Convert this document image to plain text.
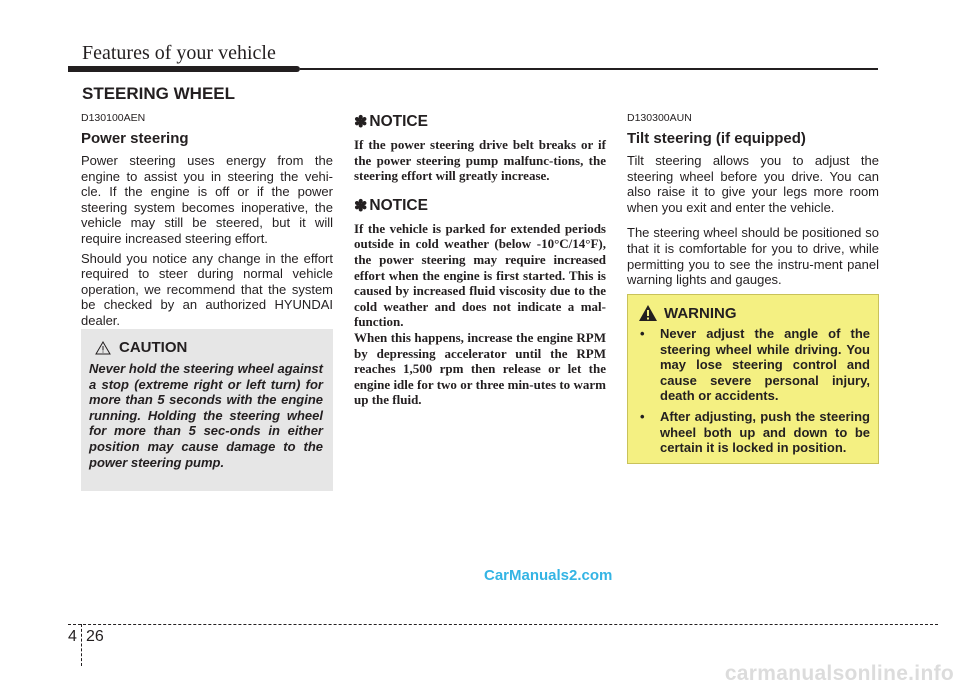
Features of your vehicle
STEERING WHEEL

D130100AEN

Power steering

Power steering uses energy from the engine to assist you in steering the vehi-cle. If the engine is off or if the power steering system becomes inoperative, the vehicle may still be steered, but it will require increased steering effort.

Should you notice any change in the effort required to steer during normal vehicle operation, we recommend that the system be checked by an authorized HYUNDAI dealer.

CAUTION

Never hold the steering wheel against a stop (extreme right or left turn) for more than 5 seconds with the engine running. Holding the steering wheel for more than 5 sec-onds in either position may cause damage to the power steering pump.

✽ NOTICE

If the power steering drive belt breaks or if the power steering pump malfunc-tions, the steering effort will greatly increase.

✽ NOTICE

If the vehicle is parked for extended periods outside in cold weather (below -10°C/14°F), the power steering may require increased effort when the engine is first started. This is caused by increased fluid viscosity due to the cold weather and does not indicate a mal-function.

When this happens, increase the engine RPM by depressing accelerator until the RPM reaches 1,500 rpm then release or let the engine idle for two or three min-utes to warm up the fluid.

D130300AUN

Tilt steering (if equipped)

Tilt steering allows you to adjust the steering wheel before you drive. You can also raise it to give your legs more room when you exit and enter the vehicle.

The steering wheel should be positioned so that it is comfortable for you to drive, while permitting you to see the instru-ment panel warning lights and gauges.

WARNING
• Never adjust the angle of the steering wheel while driving. You may lose steering control and cause severe personal injury, death or accidents.
• After adjusting, push the steering wheel both up and down to be certain it is locked in position.
CarManuals2.com
4 26
carmanualsonline.info
